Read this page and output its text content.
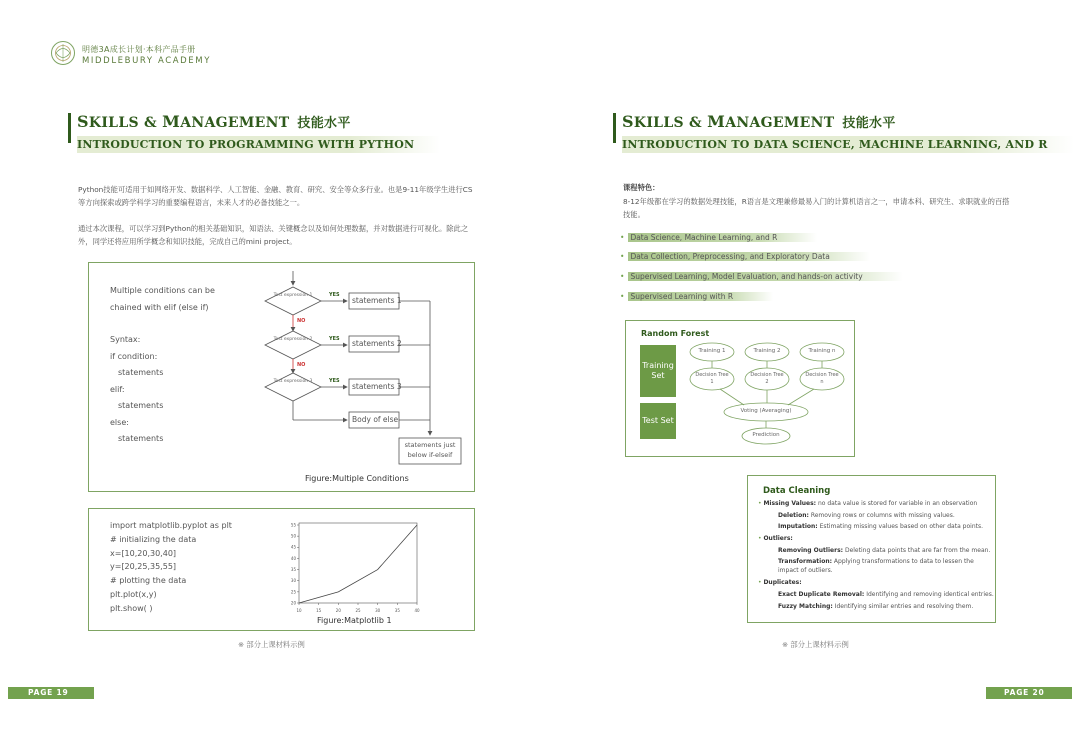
明德3A成长计划·本科产品手册
MIDDLEBURY ACADEMY
SKILLS & MANAGEMENT 技能水平
INTRODUCTION TO PROGRAMMING WITH PYTHON
Python技能可适用于如网络开发、数据科学、人工智能、金融、教育、研究、安全等众多行业。也是9-11年级学生进行CS等方向探索或跨学科学习的重要编程语言，未来人才的必备技能之一。
通过本次课程，可以学习到Python的相关基础知识，知语法、关键概念以及如何处理数据，并对数据进行可视化。除此之外，同学还将应用所学概念和知识技能，完成自己的mini project。
Multiple conditions can be
chained with elif (else if)
Syntax:
if condition:
statements
elif:
statements
else:
statements
Test expression 1
Test expression 2
Test expression 3
YES
YES
YES
NO
NO
statements 1
statements 2
statements 3
Body of else
statements just below if-elseif
Figure:Multiple Conditions
import matplotlib.pyplot as plt
# initializing the data
x=[10,20,30,40]
y=[20,25,35,55]
# plotting the data
plt.plot(x,y)
plt.show( )	10	15	20	25	30	35	40
20
25
30
35
40
45
50
55
Figure:Matplotlib 1
※ 部分上课材料示例
PAGE 19
SKILLS & MANAGEMENT 技能水平
INTRODUCTION TO DATA SCIENCE, MACHINE LEARNING, AND R
课程特色：
8-12年级都在学习的数据处理技能，R语言是文理兼修最易入门的计算机语言之一，申请本科、研究生、求职就业的百搭技能。
• Data Science, Machine Learning, and R
• Data Collection, Preprocessing, and Exploratory Data
• Supervised Learning, Model Evaluation, and hands-on activity
• Supervised Learning with R
Random Forest
Training Set
Test Set
Training 1	Training 2	Training n
Decision Tree 1
Decision Tree 2
Decision Tree n
Voting (Averaging)
Prediction
Data Cleaning
• Missing Values: no data value is stored for variable in an observation
Deletion: Removing rows or columns with missing values.
Imputation: Estimating missing values based on other data points.
• Outliers:
Removing Outliers: Deleting data points that are far from the mean.
Transformation: Applying transformations to data to lessen the impact of outliers.
• Duplicates:
Exact Duplicate Removal: Identifying and removing identical entries.
Fuzzy Matching: Identifying similar entries and resolving them.
※ 部分上课材料示例
PAGE 20
